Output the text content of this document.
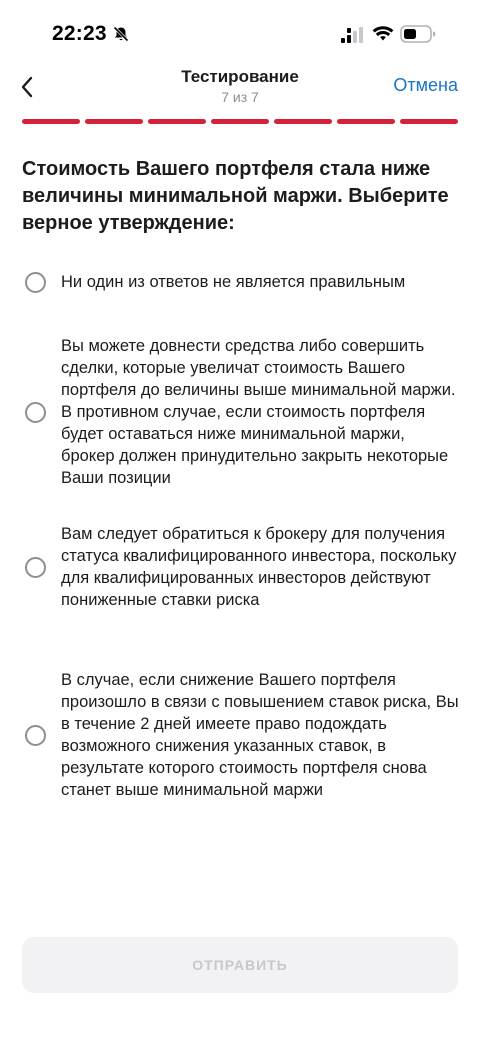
22:23
Тестирование
7 из 7
Отмена
Стоимость Вашего портфеля стала ниже величины минимальной маржи. Выберите верное утверждение:
Ни один из ответов не является правильным
Вы можете довнести средства либо совершить сделки, которые увеличат стоимость Вашего портфеля до величины выше минимальной маржи. В противном случае, если стоимость портфеля будет оставаться ниже минимальной маржи, брокер должен принудительно закрыть некоторые Ваши позиции
Вам следует обратиться к брокеру для получения статуса квалифицированного инвестора, поскольку для квалифицированных инвесторов действуют пониженные ставки риска
В случае, если снижение Вашего портфеля произошло в связи с повышением ставок риска, Вы в течение 2 дней имеете право подождать возможного снижения указанных ставок, в результате которого стоимость портфеля снова станет выше минимальной маржи
ОТПРАВИТЬ
